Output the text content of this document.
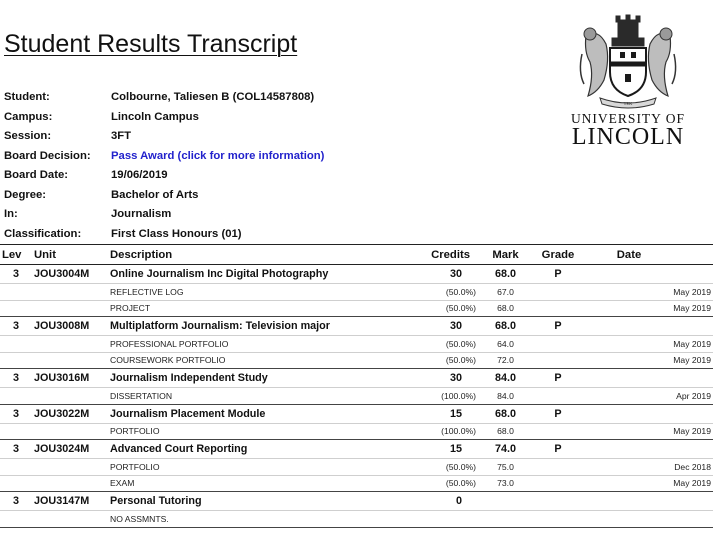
Student Results Transcript
Student:	Colbourne, Taliesen B (COL14587808)
Campus:	Lincoln Campus
Session:	3FT
Board Decision: Pass Award (click for more information)
Board Date:	19/06/2019
Degree:	Bachelor of Arts
In:	Journalism
Classification:	First Class Honours (01)
TEK
UNIVERSITY OF
LINCOLN
Lev	Unit	Description	Credits	Mark	Grade	Date
3	JOU3004M	Online Journalism Inc Digital Photography	30	68.0	P	
		REFLECTIVE LOG	(50.0%)	67.0		May 2019
		PROJECT	(50.0%)	68.0		May 2019
3	JOU3008M	Multiplatform Journalism: Television major	30	68.0	P	
		PROFESSIONAL PORTFOLIO	(50.0%)	64.0		May 2019
		COURSEWORK PORTFOLIO	(50.0%)	72.0		May 2019
3	JOU3016M	Journalism Independent Study	30	84.0	P	
		DISSERTATION	(100.0%)	84.0		Apr 2019
3	JOU3022M	Journalism Placement Module	15	68.0	P	
		PORTFOLIO	(100.0%)	68.0		May 2019
3	JOU3024M	Advanced Court Reporting	15	74.0	P	
		PORTFOLIO	(50.0%)	75.0		Dec 2018
		EXAM	(50.0%)	73.0		May 2019
3	JOU3147M	Personal Tutoring	0			
		NO ASSMNTS.				
